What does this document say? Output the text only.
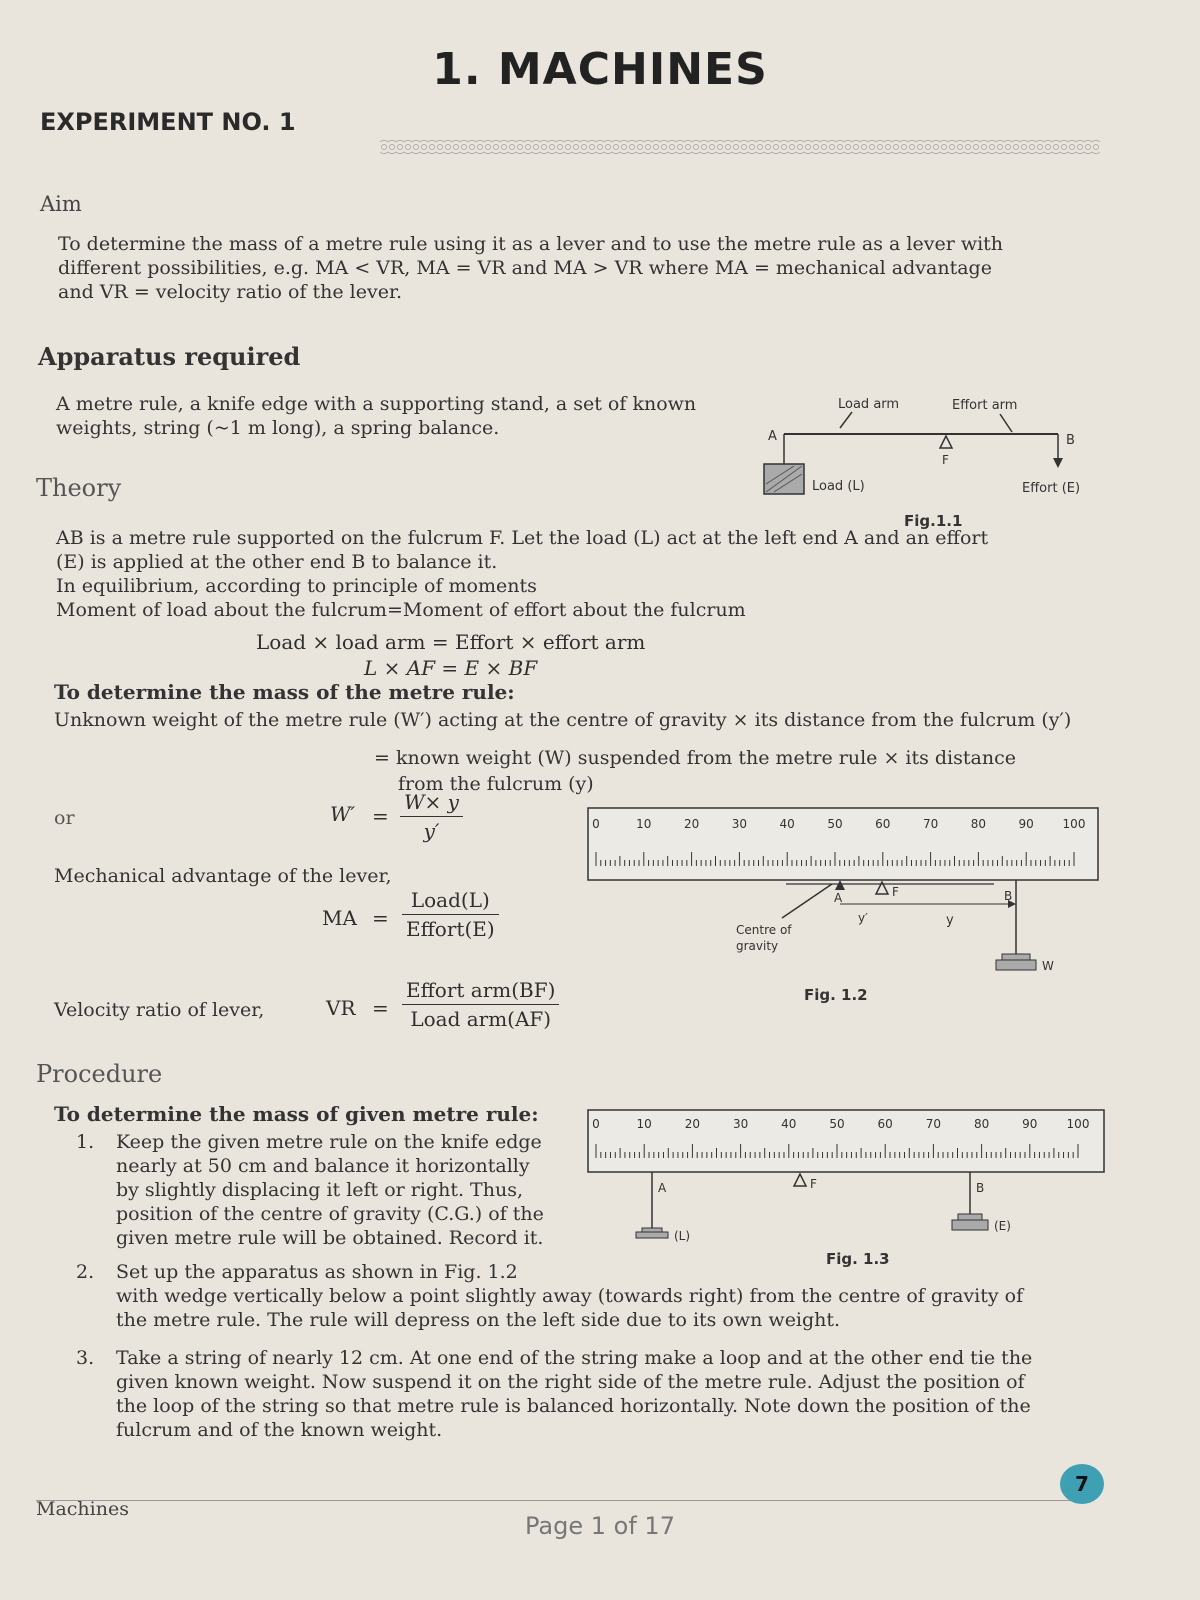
1. MACHINES
EXPERIMENT NO. 1
Aim
To determine the mass of a metre rule using it as a lever and to use the metre rule as a lever with
different possibilities, e.g. MA < VR, MA = VR and MA > VR where MA = mechanical advantage
and VR = velocity ratio of the lever.
Apparatus required
A metre rule, a knife edge with a supporting stand, a set of known
weights, string (~1 m long), a spring balance.
Load arm	Effort arm
A	B
F
Load (L)	Effort (E)
Fig.1.1
Theory
AB is a metre rule supported on the fulcrum F. Let the load (L) act at the left end A and an effort
(E) is applied at the other end B to balance it.
In equilibrium, according to principle of moments
Moment of load about the fulcrum=Moment of effort about the fulcrum
Load × load arm = Effort × effort arm
L × AF = E × BF
To determine the mass of the metre rule:
Unknown weight of the metre rule (W′) acting at the centre of gravity × its distance from the fulcrum (y′)
= known weight (W) suspended from the metre rule × its distance
from the fulcrum (y)
or	$W' = \frac{W\times y}{y'}$
Mechanical advantage of the lever,
MA =
Load(L)
Effort(E)
Velocity ratio of lever,	VR =
Effort arm(BF)
Load arm(AF)
0	10	20	30	40	50	60	70	80	90 100
A	F
y′	y
B
W
Centre of
gravity
Fig. 1.2
Procedure
To determine the mass of given metre rule:
1. Keep the given metre rule on the knife edge
nearly at 50 cm and balance it horizontally
by slightly displacing it left or right. Thus,
position of the centre of gravity (C.G.) of the
given metre rule will be obtained. Record it.
2. Set up the apparatus as shown in Fig. 1.2
with wedge vertically below a point slightly away (towards right) from the centre of gravity of
the metre rule. The rule will depress on the left side due to its own weight.
3. Take a string of nearly 12 cm. At one end of the string make a loop and at the other end tie the
given known weight. Now suspend it on the right side of the metre rule. Adjust the position of
the loop of the string so that metre rule is balanced horizontally. Note down the position of the
fulcrum and of the known weight.
0	10	20	30	40	50	60	70	80	90 100
A
(L)
F	B
(E)
Fig. 1.3
Machines
Page 1 of 17
7
